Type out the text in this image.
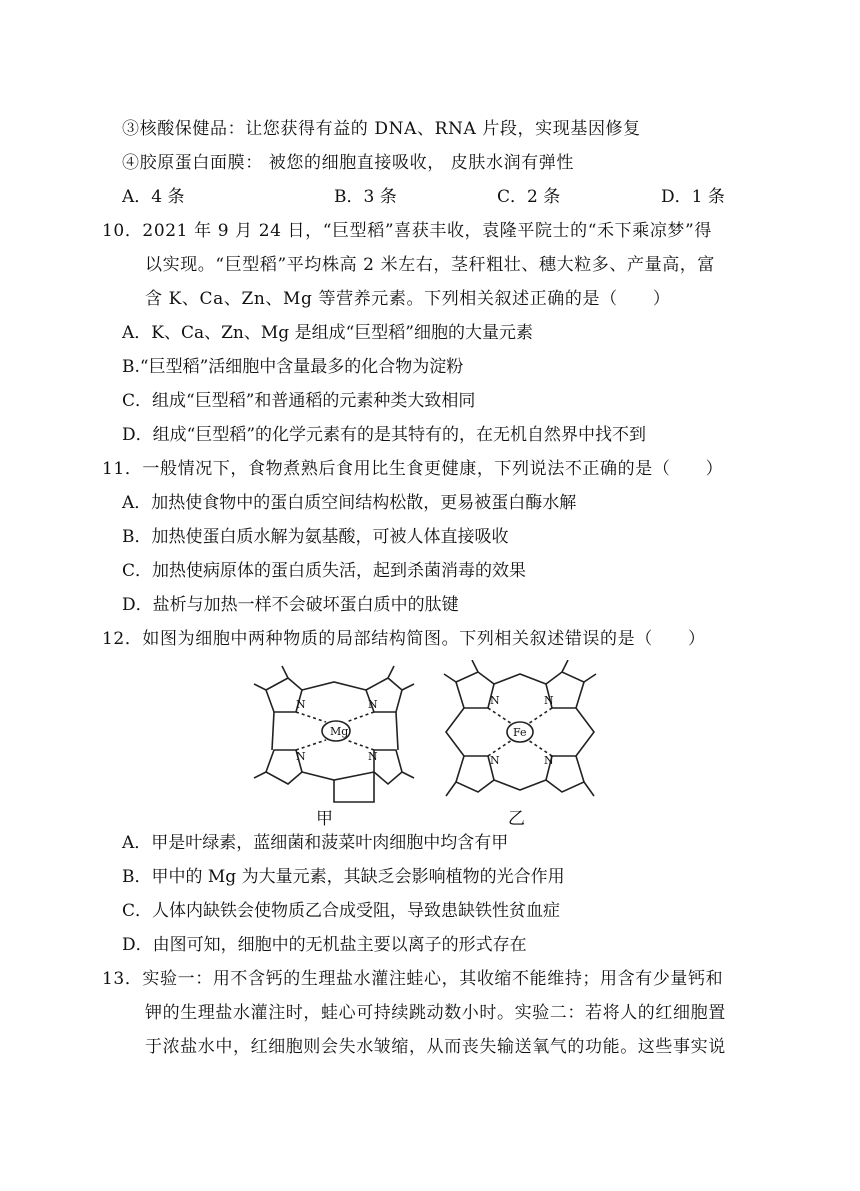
③核酸保健品：让您获得有益的 DNA、RNA 片段，实现基因修复
④胶原蛋白面膜： 被您的细胞直接吸收， 皮肤水润有弹性
A．4 条	B．3 条	C．2 条	D．1 条
10．2021 年 9 月 24 日，“巨型稻”喜获丰收，袁隆平院士的“禾下乘凉梦”得
以实现。“巨型稻”平均株高 2 米左右，茎秆粗壮、穗大粒多、产量高，富
含 K、Ca、Zn、Mg 等营养元素。下列相关叙述正确的是（　　）
A．K、Ca、Zn、Mg 是组成“巨型稻”细胞的大量元素
B.“巨型稻”活细胞中含量最多的化合物为淀粉
C．组成“巨型稻”和普通稻的元素种类大致相同
D．组成“巨型稻”的化学元素有的是其特有的，在无机自然界中找不到
11．一般情况下，食物煮熟后食用比生食更健康，下列说法不正确的是（　　）
A．加热使食物中的蛋白质空间结构松散，更易被蛋白酶水解
B．加热使蛋白质水解为氨基酸，可被人体直接吸收
C．加热使病原体的蛋白质失活，起到杀菌消毒的效果
D．盐析与加热一样不会破坏蛋白质中的肽键
12．如图为细胞中两种物质的局部结构简图。下列相关叙述错误的是（　　）
Mg	Fe
N	N
N	N
N	N
N	N
甲	乙
A．甲是叶绿素，蓝细菌和菠菜叶肉细胞中均含有甲
B．甲中的 Mg 为大量元素，其缺乏会影响植物的光合作用
C．人体内缺铁会使物质乙合成受阻，导致患缺铁性贫血症
D．由图可知，细胞中的无机盐主要以离子的形式存在
13．实验一：用不含钙的生理盐水灌注蛙心，其收缩不能维持；用含有少量钙和
钾的生理盐水灌注时，蛙心可持续跳动数小时。实验二：若将人的红细胞置
于浓盐水中，红细胞则会失水皱缩，从而丧失输送氧气的功能。这些事实说
